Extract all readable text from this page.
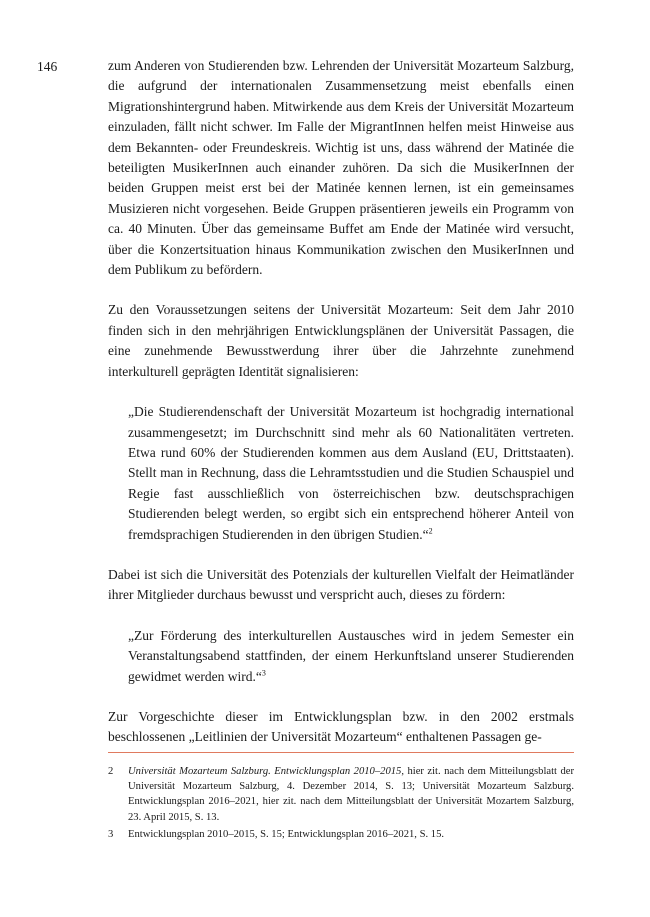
146	zum Anderen von Studierenden bzw. Lehrenden der Universität Mozarteum Salzburg, die aufgrund der internationalen Zusammensetzung meist ebenfalls einen Migrationshintergrund haben. Mitwirkende aus dem Kreis der Universität Mozarteum einzuladen, fällt nicht schwer. Im Falle der MigrantInnen helfen meist Hinweise aus dem Bekannten- oder Freundeskreis. Wichtig ist uns, dass während der Matinée die beteiligten MusikerInnen auch einander zuhören. Da sich die MusikerInnen der beiden Gruppen meist erst bei der Matinée kennen lernen, ist ein gemeinsames Musizieren nicht vorgesehen. Beide Gruppen präsentieren jeweils ein Programm von ca. 40 Minuten. Über das gemeinsame Buffet am Ende der Matinée wird versucht, über die Konzertsituation hinaus Kommunikation zwischen den MusikerInnen und dem Publikum zu befördern.

Zu den Voraussetzungen seitens der Universität Mozarteum: Seit dem Jahr 2010 finden sich in den mehrjährigen Entwicklungsplänen der Universität Passagen, die eine zunehmende Bewusstwerdung ihrer über die Jahrzehnte zunehmend interkulturell geprägten Identität signalisieren:

„Die Studierendenschaft der Universität Mozarteum ist hochgradig international zusammengesetzt; im Durchschnitt sind mehr als 60 Nationalitäten vertreten. Etwa rund 60% der Studierenden kommen aus dem Ausland (EU, Drittstaaten). Stellt man in Rechnung, dass die Lehramtsstudien und die Studien Schauspiel und Regie fast ausschließlich von österreichischen bzw. deutschsprachigen Studierenden belegt werden, so ergibt sich ein entsprechend höherer Anteil von fremdsprachigen Studierenden in den übrigen Studien.“$^2$

Dabei ist sich die Universität des Potenzials der kulturellen Vielfalt der Heimatländer ihrer Mitglieder durchaus bewusst und verspricht auch, dieses zu fördern:

„Zur Förderung des interkulturellen Austausches wird in jedem Semester ein Veranstaltungsabend stattfinden, der einem Herkunftsland unserer Studierenden gewidmet werden wird.“$^3$

Zur Vorgeschichte dieser im Entwicklungsplan bzw. in den 2002 erstmals beschlossenen „Leitlinien der Universität Mozarteum“ enthaltenen Passagen ge-

2	Universität Mozarteum Salzburg. Entwicklungsplan 2010–2015, hier zit. nach dem Mitteilungsblatt der Universität Mozarteum Salzburg, 4. Dezember 2014, S. 13; Universität Mozarteum Salzburg. Entwicklungsplan 2016–2021, hier zit. nach dem Mitteilungsblatt der Universität Mozartem Salzburg, 23. April 2015, S. 13.
3	Entwicklungsplan 2010–2015, S. 15; Entwicklungsplan 2016–2021, S. 15.
